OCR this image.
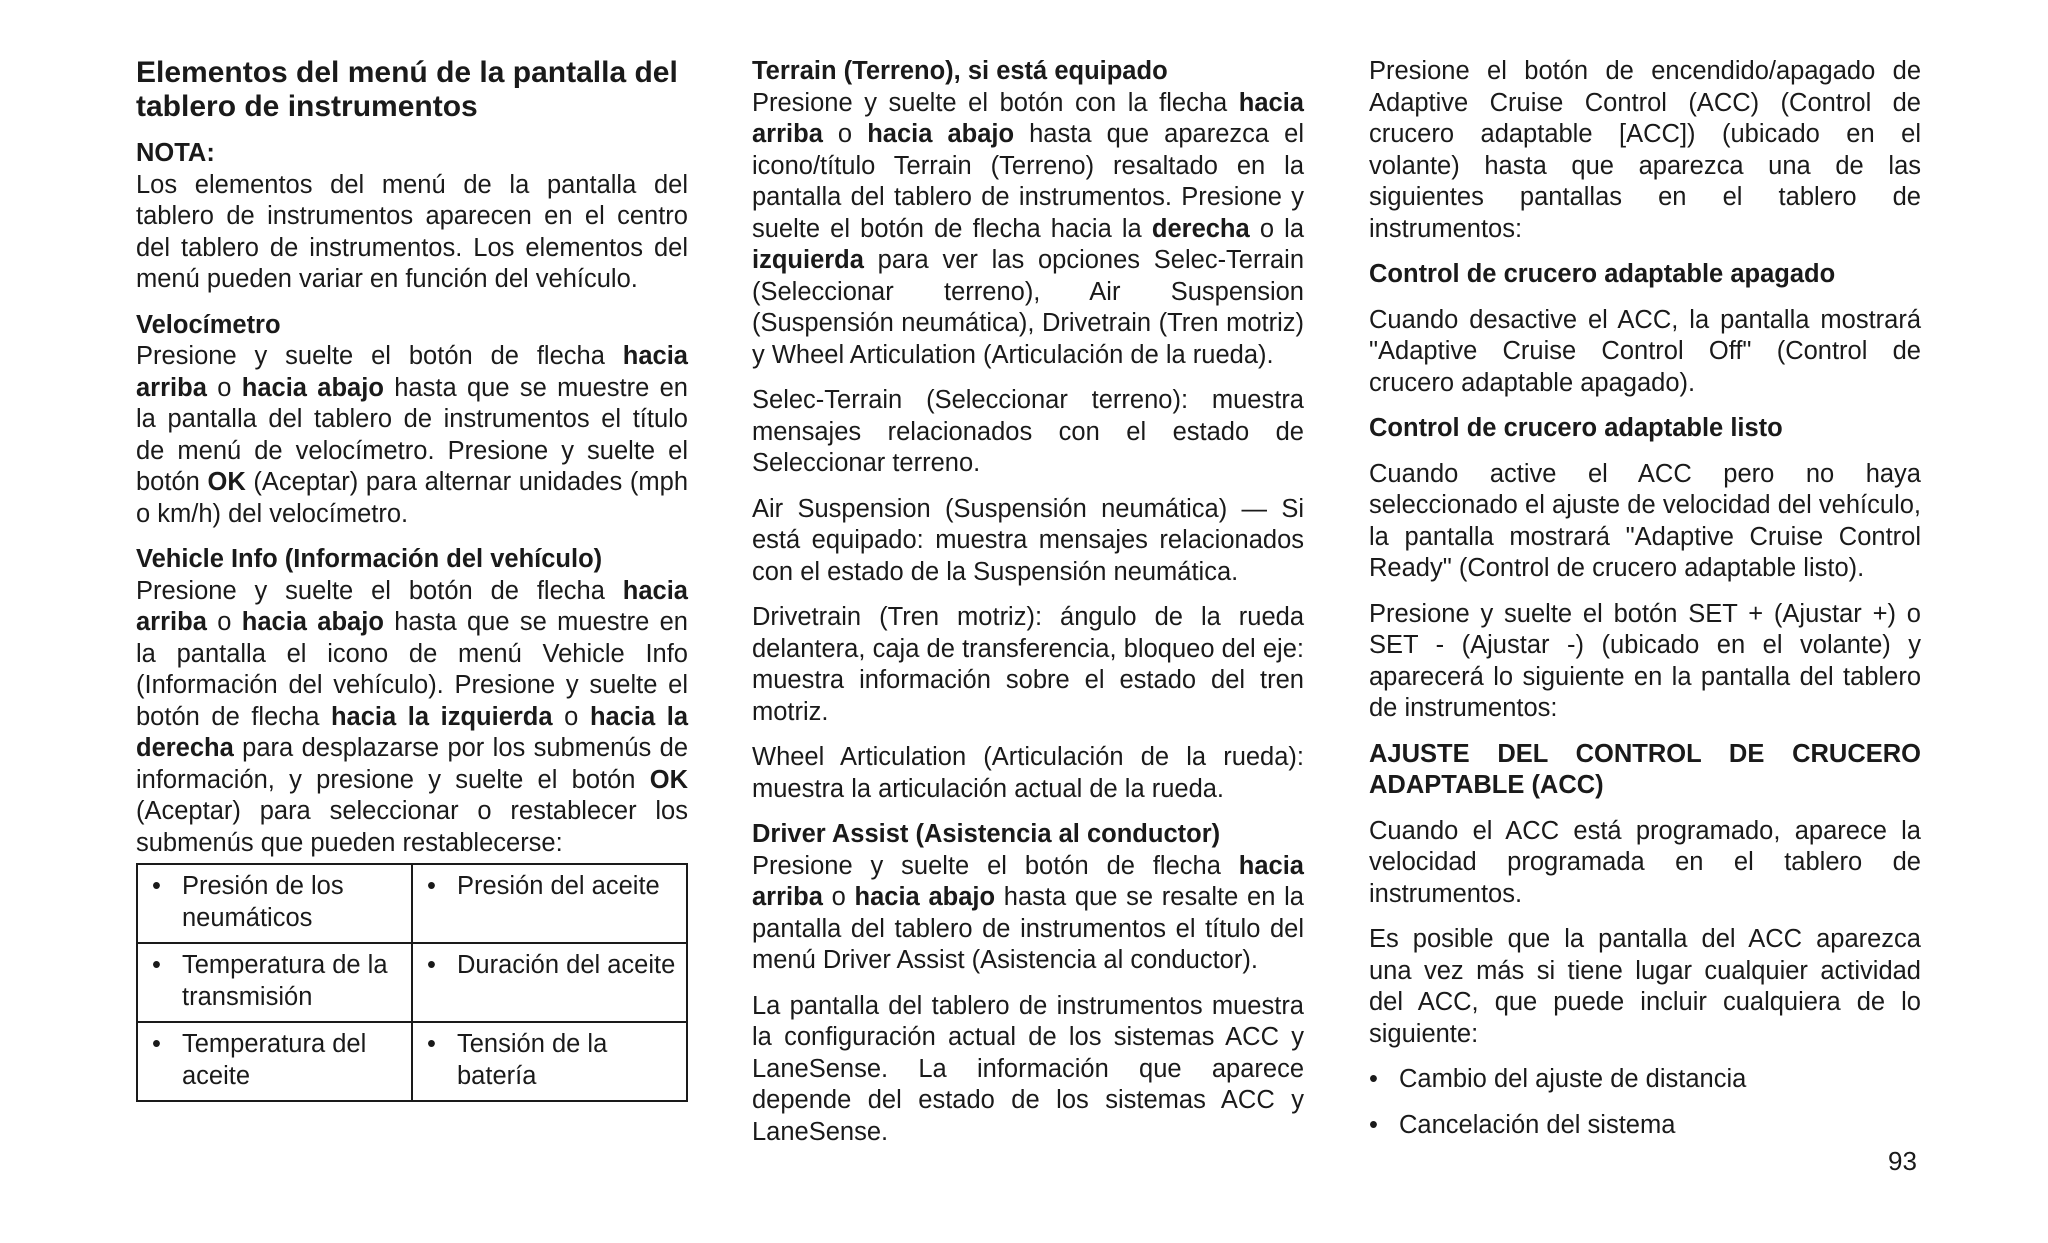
Elementos del menú de la pantalla del tablero de instrumentos
NOTA:

Los elementos del menú de la pantalla del tablero de instrumentos aparecen en el centro del tablero de instrumentos. Los elementos del menú pueden variar en función del vehículo.

Velocímetro

Presione y suelte el botón de flecha hacia arriba o hacia abajo hasta que se muestre en la pantalla del tablero de instrumentos el título de menú de velocímetro. Presione y suelte el botón OK (Aceptar) para alternar unidades (mph o km/h) del velocímetro.

Vehicle Info (Información del vehículo)

Presione y suelte el botón de flecha hacia arriba o hacia abajo hasta que se muestre en la pantalla el icono de menú Vehicle Info (Información del vehículo). Presione y suelte el botón de flecha hacia la izquierda o hacia la derecha para desplazarse por los submenús de información, y presione y suelte el botón OK (Aceptar) para seleccionar o restablecer los submenús que pueden restablecerse:

• Presión de los neumáticos	• Presión del aceite

• Temperatura de la transmisión	• Duración del aceite

• Temperatura del aceite	• Tensión de la batería
Terrain (Terreno), si está equipado

Presione y suelte el botón con la flecha hacia arriba o hacia abajo hasta que aparezca el icono/título Terrain (Terreno) resaltado en la pantalla del tablero de instrumentos. Presione y suelte el botón de flecha hacia la derecha o la izquierda para ver las opciones Selec-Terrain (Seleccionar terreno), Air Suspension (Suspensión neumática), Drivetrain (Tren motriz) y Wheel Articulation (Articulación de la rueda).

Selec-Terrain (Seleccionar terreno): muestra mensajes relacionados con el estado de Seleccionar terreno.

Air Suspension (Suspensión neumática) — Si está equipado: muestra mensajes relacionados con el estado de la Suspensión neumática.

Drivetrain (Tren motriz): ángulo de la rueda delantera, caja de transferencia, bloqueo del eje: muestra información sobre el estado del tren motriz.

Wheel Articulation (Articulación de la rueda): muestra la articulación actual de la rueda.

Driver Assist (Asistencia al conductor)

Presione y suelte el botón de flecha hacia arriba o hacia abajo hasta que se resalte en la pantalla del tablero de instrumentos el título del menú Driver Assist (Asistencia al conductor).

La pantalla del tablero de instrumentos muestra la configuración actual de los sistemas ACC y LaneSense. La información que aparece depende del estado de los sistemas ACC y LaneSense.

Presione el botón de encendido/apagado de Adaptive Cruise Control (ACC) (Control de crucero adaptable [ACC]) (ubicado en el volante) hasta que aparezca una de las siguientes pantallas en el tablero de instrumentos:

Control de crucero adaptable apagado

Cuando desactive el ACC, la pantalla mostrará "Adaptive Cruise Control Off" (Control de crucero adaptable apagado).

Control de crucero adaptable listo

Cuando active el ACC pero no haya seleccionado el ajuste de velocidad del vehículo, la pantalla mostrará "Adaptive Cruise Control Ready" (Control de crucero adaptable listo).

Presione y suelte el botón SET + (Ajustar +) o SET - (Ajustar -) (ubicado en el volante) y aparecerá lo siguiente en la pantalla del tablero de instrumentos:

AJUSTE DEL CONTROL DE CRUCERO ADAPTABLE (ACC)

Cuando el ACC está programado, aparece la velocidad programada en el tablero de instrumentos.

Es posible que la pantalla del ACC aparezca una vez más si tiene lugar cualquier actividad del ACC, que puede incluir cualquiera de lo siguiente:

• Cambio del ajuste de distancia
• Cancelación del sistema
93
